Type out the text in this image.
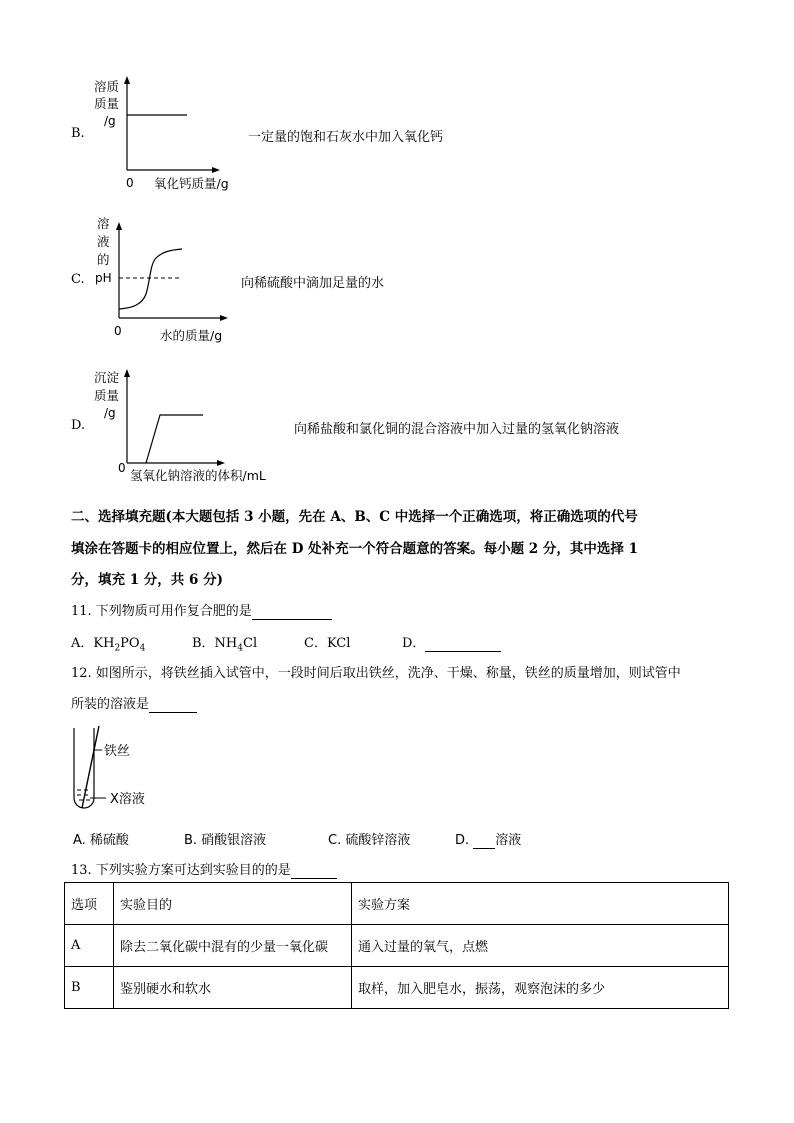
B.
溶质
质量
/g
0 氧化钙质量/g
一定量的饱和石灰水中加入氧化钙
C.
溶
液
的
pH
0	水的质量/g
向稀硫酸中滴加足量的水
D.
沉淀
质量
/g
0 氢氧化钠溶液的体积/mL
向稀盐酸和氯化铜的混合溶液中加入过量的氢氧化钠溶液
二、选择填充题(本大题包括 3 小题，先在 A、B、C 中选择一个正确选项，将正确选项的代号
填涂在答题卡的相应位置上，然后在 D 处补充一个符合题意的答案。每小题 2 分，其中选择 1
分，填充 1 分，共 6 分)
11. 下列物质可用作复合肥的是
A．$KH_2PO_4$	B．$NH_4Cl$	C．KCl	D．
12. 如图所示，将铁丝插入试管中，一段时间后取出铁丝，洗净、干燥、称量，铁丝的质量增加，则试管中
所装的溶液是
铁丝
X溶液
A. 稀硫酸	B. 硝酸银溶液	C. 硫酸锌溶液	D. 溶液
13. 下列实验方案可达到实验目的的是
选项	实验目的	实验方案
A	除去二氧化碳中混有的少量一氧化碳	通入过量的氧气，点燃
B	鉴别硬水和软水	取样，加入肥皂水，振荡，观察泡沫的多少
